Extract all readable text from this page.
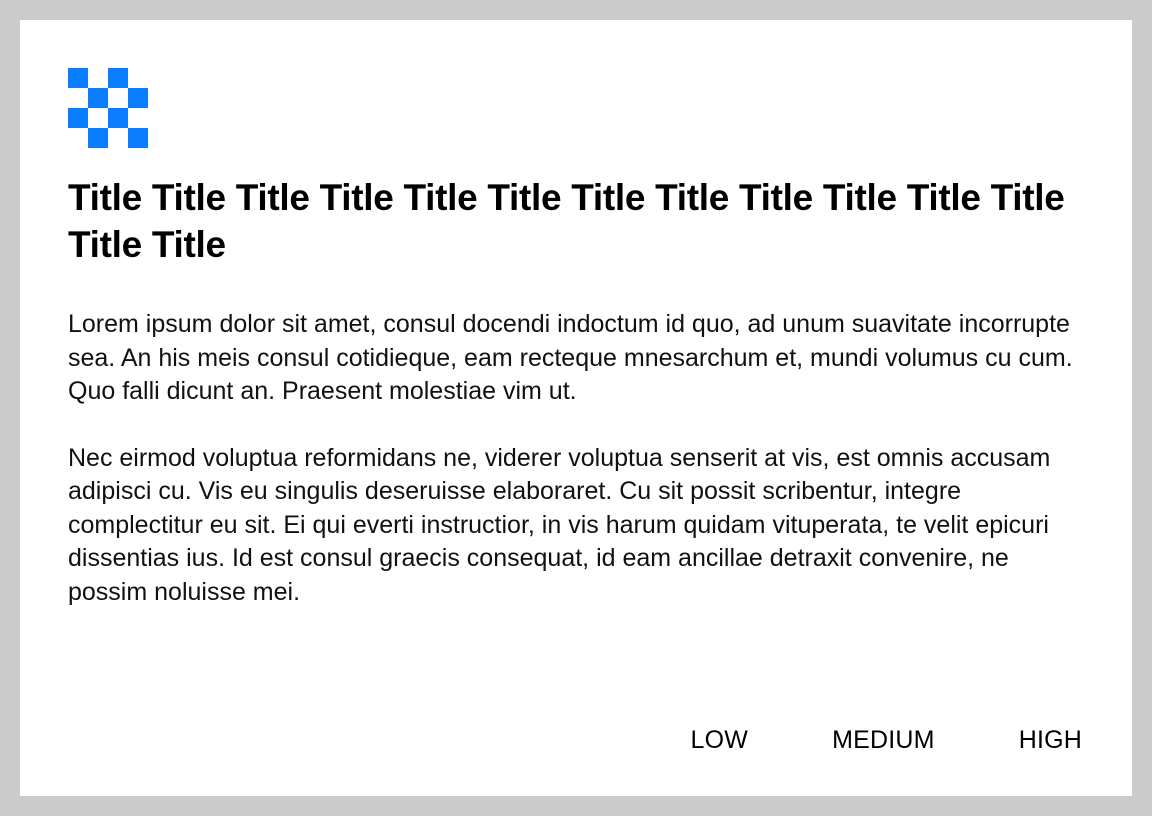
Title Title Title Title Title Title Title Title Title Title Title Title Title Title

Lorem ipsum dolor sit amet, consul docendi indoctum id quo, ad unum suavitate incorrupte sea. An his meis consul cotidieque, eam recteque mnesarchum et, mundi volumus cu cum. Quo falli dicunt an. Praesent molestiae vim ut.

Nec eirmod voluptua reformidans ne, viderer voluptua senserit at vis, est omnis accusam adipisci cu. Vis eu singulis deseruisse elaboraret. Cu sit possit scribentur, integre complectitur eu sit. Ei qui everti instructior, in vis harum quidam vituperata, te velit epicuri dissentias ius. Id est consul graecis consequat, id eam ancillae detraxit convenire, ne possim noluisse mei.

LOW	MEDIUM	HIGH
